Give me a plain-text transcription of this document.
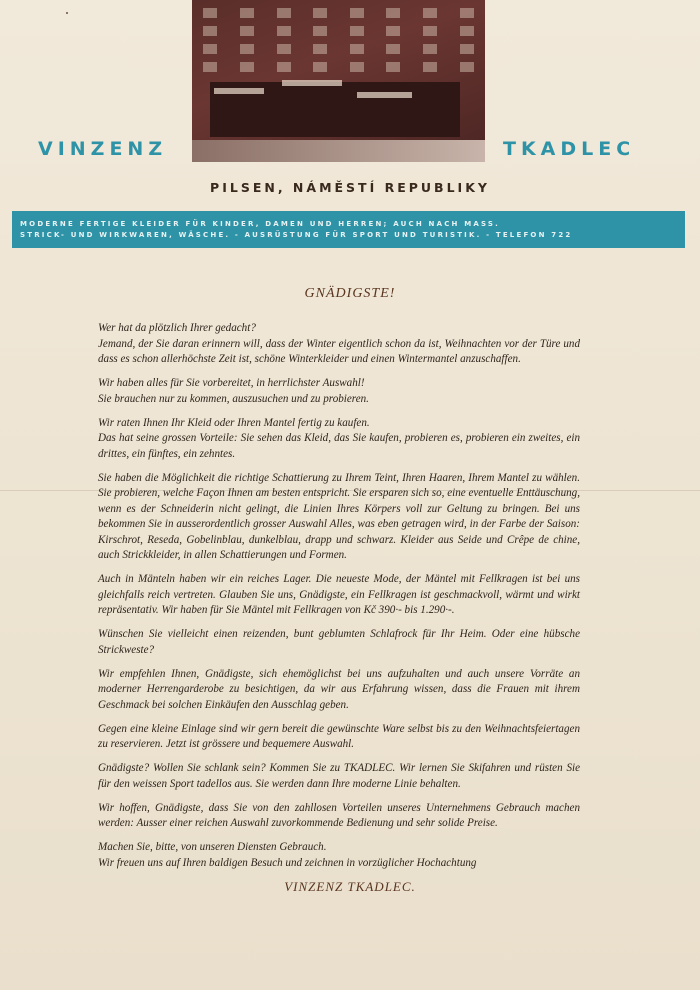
VINZENZ	TKADLEC
PILSEN, NÁMĚSTÍ REPUBLIKY
MODERNE FERTIGE KLEIDER FÜR KINDER, DAMEN UND HERREN; AUCH NACH MASS.
STRICK- UND WIRKWAREN, WÄSCHE. - AUSRÜSTUNG FÜR SPORT UND TURISTIK. - TELEFON 722
GNÄDIGSTE!

Wer hat da plötzlich Ihrer gedacht?
Jemand, der Sie daran erinnern will, dass der Winter eigentlich schon da ist, Weihnachten vor der Türe und dass es schon allerhöchste Zeit ist, schöne Winterkleider und einen Wintermantel anzuschaffen.

Wir haben alles für Sie vorbereitet, in herrlichster Auswahl!
Sie brauchen nur zu kommen, auszusuchen und zu probieren.

Wir raten Ihnen Ihr Kleid oder Ihren Mantel fertig zu kaufen.
Das hat seine grossen Vorteile: Sie sehen das Kleid, das Sie kaufen, probieren es, probieren ein zweites, ein drittes, ein fünftes, ein zehntes.

Sie haben die Möglichkeit die richtige Schattierung zu Ihrem Teint, Ihren Haaren, Ihrem Mantel zu wählen. Sie probieren, welche Façon Ihnen am besten entspricht. Sie ersparen sich so, eine eventuelle Enttäuschung, wenn es der Schneiderin nicht gelingt, die Linien Ihres Körpers voll zur Geltung zu bringen. Bei uns bekommen Sie in ausserordentlich grosser Auswahl Alles, was eben getragen wird, in der Farbe der Saison: Kirschrot, Reseda, Gobelinblau, dunkelblau, drapp und schwarz. Kleider aus Seide und Crêpe de chine, auch Strickkleider, in allen Schattierungen und Formen.

Auch in Mänteln haben wir ein reiches Lager. Die neueste Mode, der Mäntel mit Fellkragen ist bei uns gleichfalls reich vertreten. Glauben Sie uns, Gnädigste, ein Fellkragen ist geschmackvoll, wärmt und wirkt repräsentativ. Wir haben für Sie Mäntel mit Fellkragen von Kč 390·- bis 1.290·-.

Wünschen Sie vielleicht einen reizenden, bunt geblumten Schlafrock für Ihr Heim. Oder eine hübsche Strickweste?

Wir empfehlen Ihnen, Gnädigste, sich ehemöglichst bei uns aufzuhalten und auch unsere Vorräte an moderner Herrengarderobe zu besichtigen, da wir aus Erfahrung wissen, dass die Frauen mit ihrem Geschmack bei solchen Einkäufen den Ausschlag geben.

Gegen eine kleine Einlage sind wir gern bereit die gewünschte Ware selbst bis zu den Weihnachtsfeiertagen zu reservieren. Jetzt ist grössere und bequemere Auswahl.

Gnädigste? Wollen Sie schlank sein? Kommen Sie zu TKADLEC. Wir lernen Sie Skifahren und rüsten Sie für den weissen Sport tadellos aus. Sie werden dann Ihre moderne Linie behalten.

Wir hoffen, Gnädigste, dass Sie von den zahllosen Vorteilen unseres Unternehmens Gebrauch machen werden: Ausser einer reichen Auswahl zuvorkommende Bedienung und sehr solide Preise.

Machen Sie, bitte, von unseren Diensten Gebrauch.
Wir freuen uns auf Ihren baldigen Besuch und zeichnen in vorzüglicher Hochachtung

VINZENZ TKADLEC.
